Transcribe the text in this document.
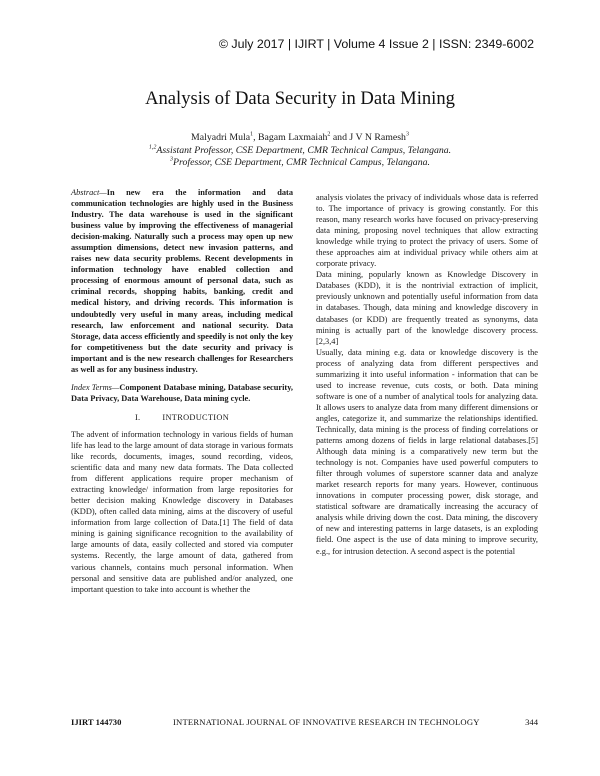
© July 2017 | IJIRT | Volume 4 Issue 2 | ISSN: 2349-6002
Analysis of Data Security in Data Mining
Malyadri Mula$^1$, Bagam Laxmaiah$^2$ and J V N Ramesh$^3$
$^{1,2}$Assistant Professor, CSE Department, CMR Technical Campus, Telangana.
$^3$Professor, CSE Department, CMR Technical Campus, Telangana.

Abstract—In new era the information and data communication technologies are highly used in the Business Industry. The data warehouse is used in the significant business value by improving the effectiveness of managerial decision-making. Naturally such a process may open up new assumption dimensions, detect new invasion patterns, and raises new data security problems. Recent developments in information technology have enabled collection and processing of enormous amount of personal data, such as criminal records, shopping habits, banking, credit and medical history, and driving records. This information is undoubtedly very useful in many areas, including medical research, law enforcement and national security. Data Storage, data access efficiently and speedily is not only the key for competitiveness but the date security and privacy is important and is the new research challenges for Researchers as well as for any business industry.

Index Terms—Component Database mining, Database security, Data Privacy, Data Warehouse, Data mining cycle.

I.	INTRODUCTION

The advent of information technology in various fields of human life has lead to the large amount of data storage in various formats like records, documents, images, sound recording, videos, scientific data and many new data formats. The Data collected from different applications require proper mechanism of extracting knowledge/ information from large repositories for better decision making Knowledge discovery in Databases (KDD), often called data mining, aims at the discovery of useful information from large collection of Data.[1] The field of data mining is gaining significance recognition to the availability of large amounts of data, easily collected and stored via computer systems. Recently, the large amount of data, gathered from various channels, contains much personal information. When personal and sensitive data are published and/or analyzed, one important question to take into account is whether the

analysis violates the privacy of individuals whose data is referred to. The importance of privacy is growing constantly. For this reason, many research works have focused on privacy-preserving data mining, proposing novel techniques that allow extracting knowledge while trying to protect the privacy of users. Some of these approaches aim at individual privacy while others aim at corporate privacy.

Data mining, popularly known as Knowledge Discovery in Databases (KDD), it is the nontrivial extraction of implicit, previously unknown and potentially useful information from data in databases. Though, data mining and knowledge discovery in databases (or KDD) are frequently treated as synonyms, data mining is actually part of the knowledge discovery process. [2,3,4]

Usually, data mining e.g. data or knowledge discovery is the process of analyzing data from different perspectives and summarizing it into useful information - information that can be used to increase revenue, cuts costs, or both. Data mining software is one of a number of analytical tools for analyzing data. It allows users to analyze data from many different dimensions or angles, categorize it, and summarize the relationships identified. Technically, data mining is the process of finding correlations or patterns among dozens of fields in large relational databases.[5] Although data mining is a comparatively new term but the technology is not. Companies have used powerful computers to filter through volumes of superstore scanner data and analyze market research reports for many years. However, continuous innovations in computer processing power, disk storage, and statistical software are dramatically increasing the accuracy of analysis while driving down the cost. Data mining, the discovery of new and interesting patterns in large datasets, is an exploding field. One aspect is the use of data mining to improve security, e.g., for intrusion detection. A second aspect is the potential

IJIRT 144730	INTERNATIONAL JOURNAL OF INNOVATIVE RESEARCH IN TECHNOLOGY	344
